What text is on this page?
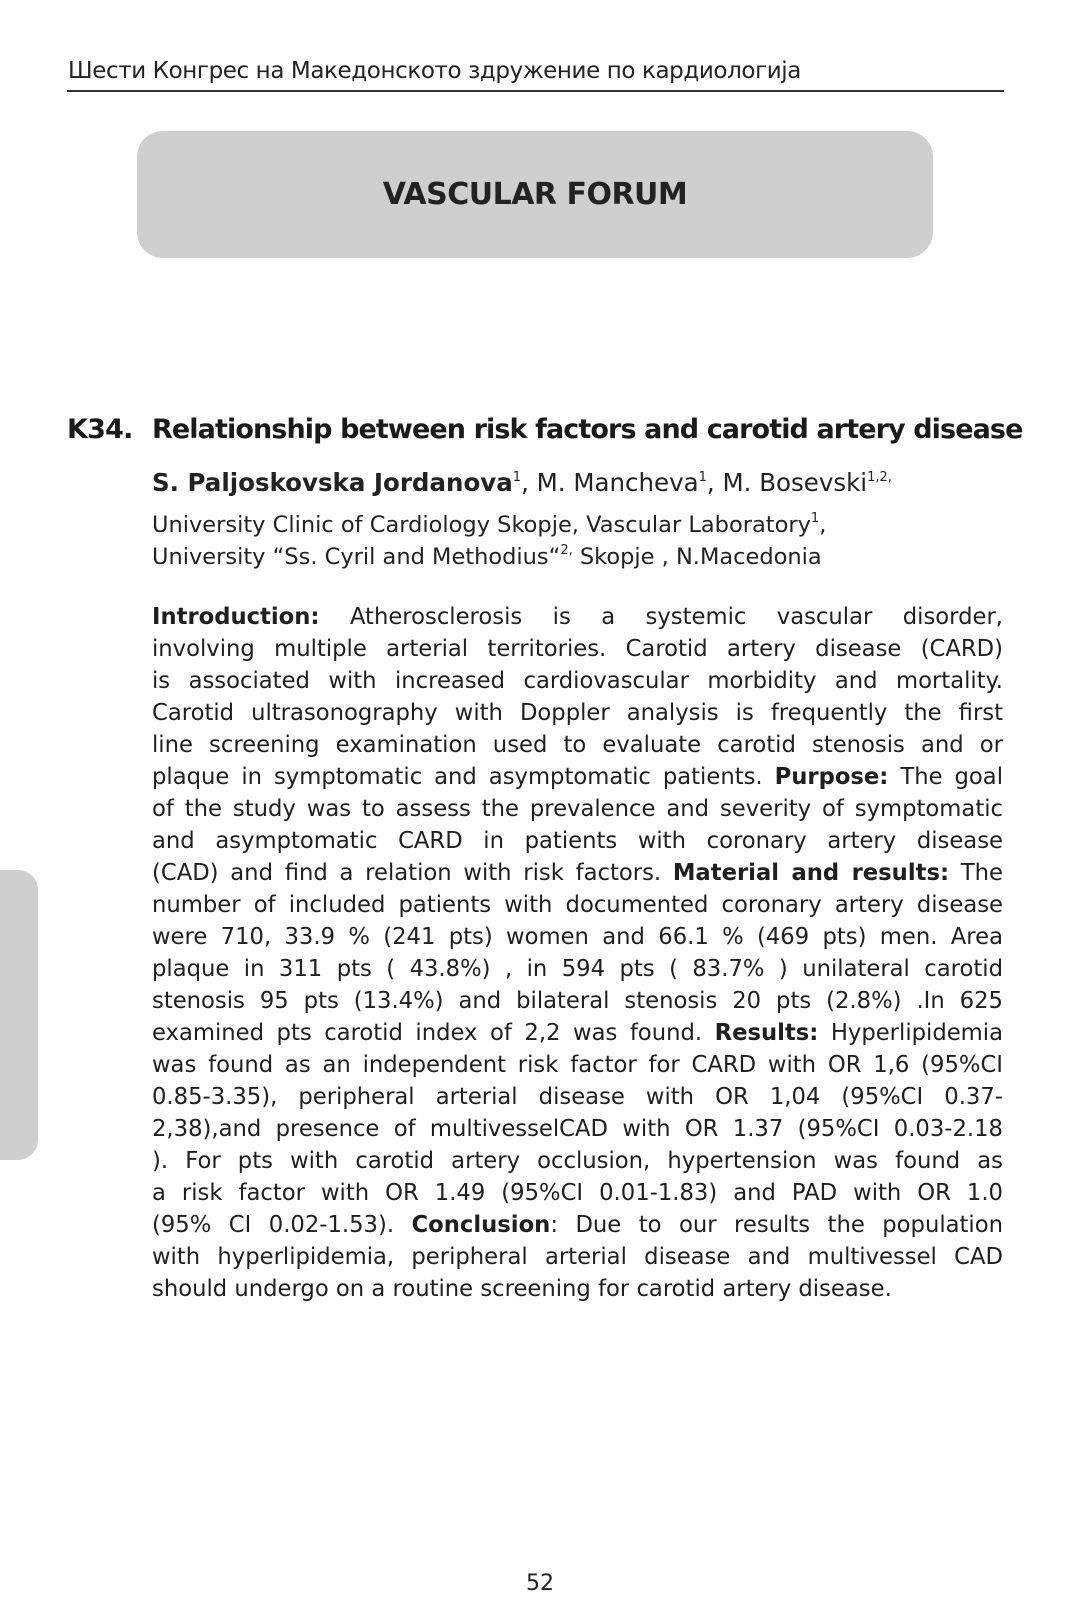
Шести Конгрес на Македонското здружение по кардиологија
VASCULAR FORUM
K34. Relationship between risk factors and carotid artery disease
S. Paljoskovska Jordanova$^1$, M. Mancheva$^1$, M. Bosevski$^{1,2,}$
University Clinic of Cardiology Skopje, Vascular Laboratory$^1$,
University “Ss. Cyril and Methodius“$^{2,}$ Skopje , N.Macedonia
Introduction: Atherosclerosis is a systemic vascular disorder,
involving multiple arterial territories. Carotid artery disease (CARD)
is associated with increased cardiovascular morbidity and mortality.
Carotid ultrasonography with Doppler analysis is frequently the first
line screening examination used to evaluate carotid stenosis and or
plaque in symptomatic and asymptomatic patients. Purpose: The goal
of the study was to assess the prevalence and severity of symptomatic
and asymptomatic CARD in patients with coronary artery disease
(CAD) and find a relation with risk factors. Material and results: The
number of included patients with documented coronary artery disease
were 710, 33.9 % (241 pts) women and 66.1 % (469 pts) men. Area
plaque in 311 pts ( 43.8%) , in 594 pts ( 83.7% ) unilateral carotid
stenosis 95 pts (13.4%) and bilateral stenosis 20 pts (2.8%) .In 625
examined pts carotid index of 2,2 was found. Results: Hyperlipidemia
was found as an independent risk factor for CARD with OR 1,6 (95%CI
0.85-3.35), peripheral arterial disease with OR 1,04 (95%CI 0.37-
2,38),and presence of multivesselCAD with OR 1.37 (95%CI 0.03-2.18
). For pts with carotid artery occlusion, hypertension was found as
a risk factor with OR 1.49 (95%CI 0.01-1.83) and PAD with OR 1.0
(95% CI 0.02-1.53). Conclusion: Due to our results the population
with hyperlipidemia, peripheral arterial disease and multivessel CAD
should undergo on a routine screening for carotid artery disease.
52
